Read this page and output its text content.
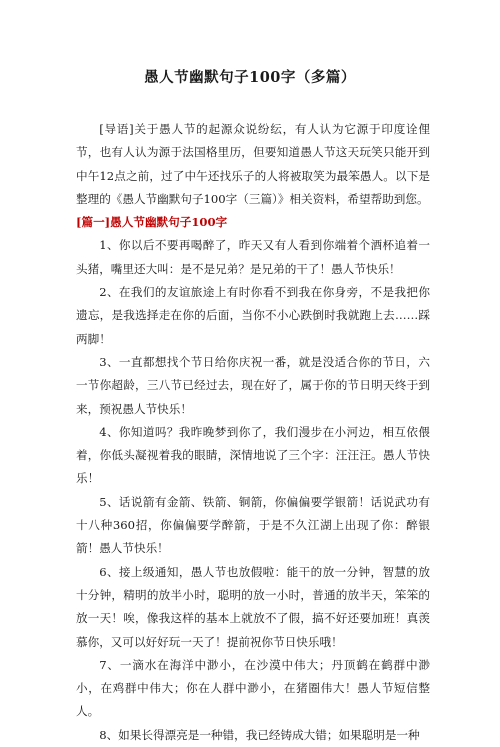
愚人节幽默句子100字（多篇）

[导语]关于愚人节的起源众说纷纭，有人认为它源于印度诠俚节，也有人认为源于法国格里历，但要知道愚人节这天玩笑只能开到中午12点之前，过了中午还找乐子的人将被取笑为最笨愚人。以下是整理的《愚人节幽默句子100字（三篇）》相关资料，希望帮助到您。

[篇一]愚人节幽默句子100字

1、你以后不要再喝醉了，昨天又有人看到你端着个酒杯追着一头猪，嘴里还大叫：是不是兄弟？是兄弟的干了！愚人节快乐！

2、在我们的友谊旅途上有时你看不到我在你身旁，不是我把你遗忘，是我选择走在你的后面，当你不小心跌倒时我就跑上去……踩两脚！

3、一直都想找个节日给你庆祝一番，就是没适合你的节日，六一节你超龄，三八节已经过去，现在好了，属于你的节日明天终于到来，预祝愚人节快乐！

4、你知道吗？我昨晚梦到你了，我们漫步在小河边，相互依偎着，你低头凝视着我的眼睛，深情地说了三个字：汪汪汪。愚人节快乐！

5、话说箭有金箭、铁箭、铜箭，你偏偏要学银箭！话说武功有十八种360招，你偏偏要学醉箭，于是不久江湖上出现了你：醉银箭！愚人节快乐！

6、接上级通知，愚人节也放假啦：能干的放一分钟，智慧的放十分钟，精明的放半小时，聪明的放一小时，普通的放半天，笨笨的放一天！唉，像我这样的基本上就放不了假，搞不好还要加班！真羡慕你，又可以好好玩一天了！提前祝你节日快乐哦！

7、一滴水在海洋中渺小，在沙漠中伟大；丹顶鹤在鹤群中渺小，在鸡群中伟大；你在人群中渺小，在猪圈伟大！愚人节短信整人。

8、如果长得漂亮是一种错，我已经铸成大错；如果聪明是一种
